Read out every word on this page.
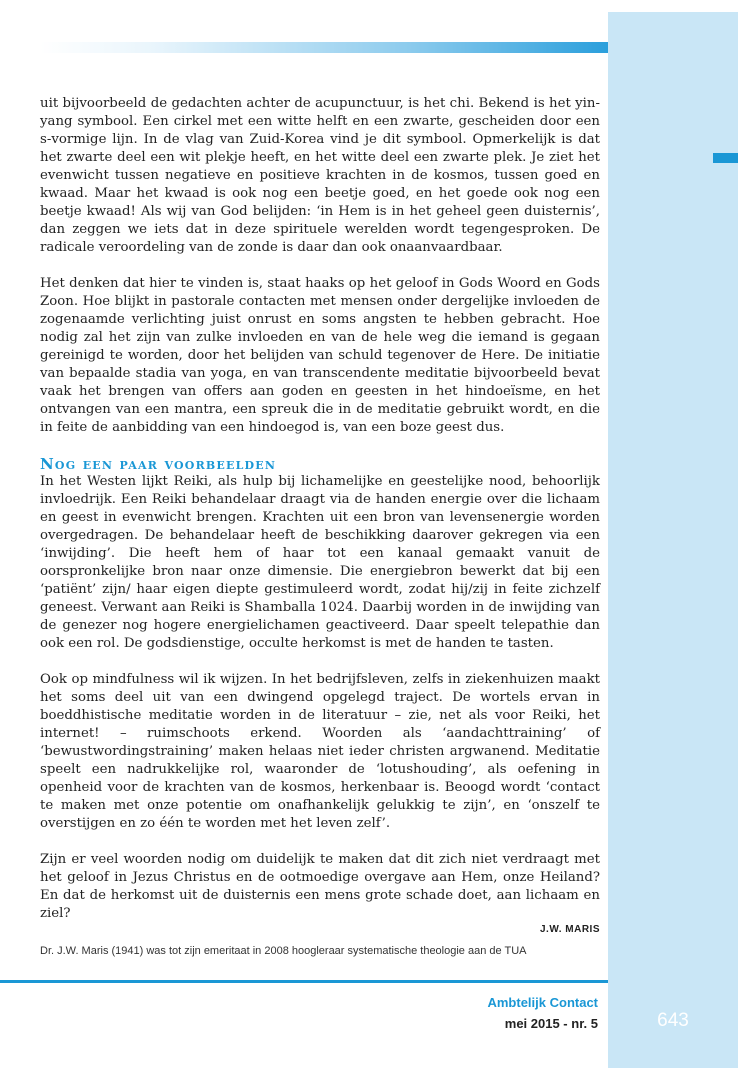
uit bijvoorbeeld de gedachten achter de acupunctuur, is het chi. Bekend is het yin-yang symbool. Een cirkel met een witte helft en een zwarte, gescheiden door een s-vormige lijn. In de vlag van Zuid-Korea vind je dit symbool. Opmerkelijk is dat het zwarte deel een wit plekje heeft, en het witte deel een zwarte plek. Je ziet het evenwicht tussen negatieve en positieve krachten in de kosmos, tussen goed en kwaad. Maar het kwaad is ook nog een beetje goed, en het goede ook nog een beetje kwaad! Als wij van God belijden: ‘in Hem is in het geheel geen duisternis’, dan zeggen we iets dat in deze spirituele werelden wordt tegengesproken. De radicale veroordeling van de zonde is daar dan ook onaanvaardbaar.

Het denken dat hier te vinden is, staat haaks op het geloof in Gods Woord en Gods Zoon. Hoe blijkt in pastorale contacten met mensen onder dergelijke invloeden de zogenaamde verlichting juist onrust en soms angsten te hebben gebracht. Hoe nodig zal het zijn van zulke invloeden en van de hele weg die iemand is gegaan gereinigd te worden, door het belijden van schuld tegenover de Here. De initiatie van bepaalde stadia van yoga, en van transcendente meditatie bijvoorbeeld bevat vaak het brengen van offers aan goden en geesten in het hindoeïsme, en het ontvangen van een mantra, een spreuk die in de meditatie gebruikt wordt, en die in feite de aanbidding van een hindoegod is, van een boze geest dus.

Nog een paar voorbeelden

In het Westen lijkt Reiki, als hulp bij lichamelijke en geestelijke nood, behoorlijk invloedrijk. Een Reiki behandelaar draagt via de handen energie over die lichaam en geest in evenwicht brengen. Krachten uit een bron van levensenergie worden overgedragen. De behandelaar heeft de beschikking daarover gekregen via een ‘inwijding’. Die heeft hem of haar tot een kanaal gemaakt vanuit de oorspronkelijke bron naar onze dimensie. Die energiebron bewerkt dat bij een ‘patiënt’ zijn/ haar eigen diepte gestimuleerd wordt, zodat hij/zij in feite zichzelf geneest. Verwant aan Reiki is Shamballa 1024. Daarbij worden in de inwijding van de genezer nog hogere energielichamen geactiveerd. Daar speelt telepathie dan ook een rol. De godsdienstige, occulte herkomst is met de handen te tasten.

Ook op mindfulness wil ik wijzen. In het bedrijfsleven, zelfs in ziekenhuizen maakt het soms deel uit van een dwingend opgelegd traject. De wortels ervan in boeddhistische meditatie worden in de literatuur – zie, net als voor Reiki, het internet! – ruimschoots erkend. Woorden als ‘aandachttraining’ of ‘bewustwordingstraining’ maken helaas niet ieder christen argwanend. Meditatie speelt een nadrukkelijke rol, waaronder de ‘lotushouding’, als oefening in openheid voor de krachten van de kosmos, herkenbaar is. Beoogd wordt ‘contact te maken met onze potentie om onafhankelijk gelukkig te zijn’, en ‘onszelf te overstijgen en zo één te worden met het leven zelf’.

Zijn er veel woorden nodig om duidelijk te maken dat dit zich niet verdraagt met het geloof in Jezus Christus en de ootmoedige overgave aan Hem, onze Heiland? En dat de herkomst uit de duisternis een mens grote schade doet, aan lichaam en ziel?

J.W. MARIS
Dr. J.W. Maris (1941) was tot zijn emeritaat in 2008 hoogleraar systematische theologie aan de TUA
Ambtelijk Contact
mei 2015 - nr. 5	643
